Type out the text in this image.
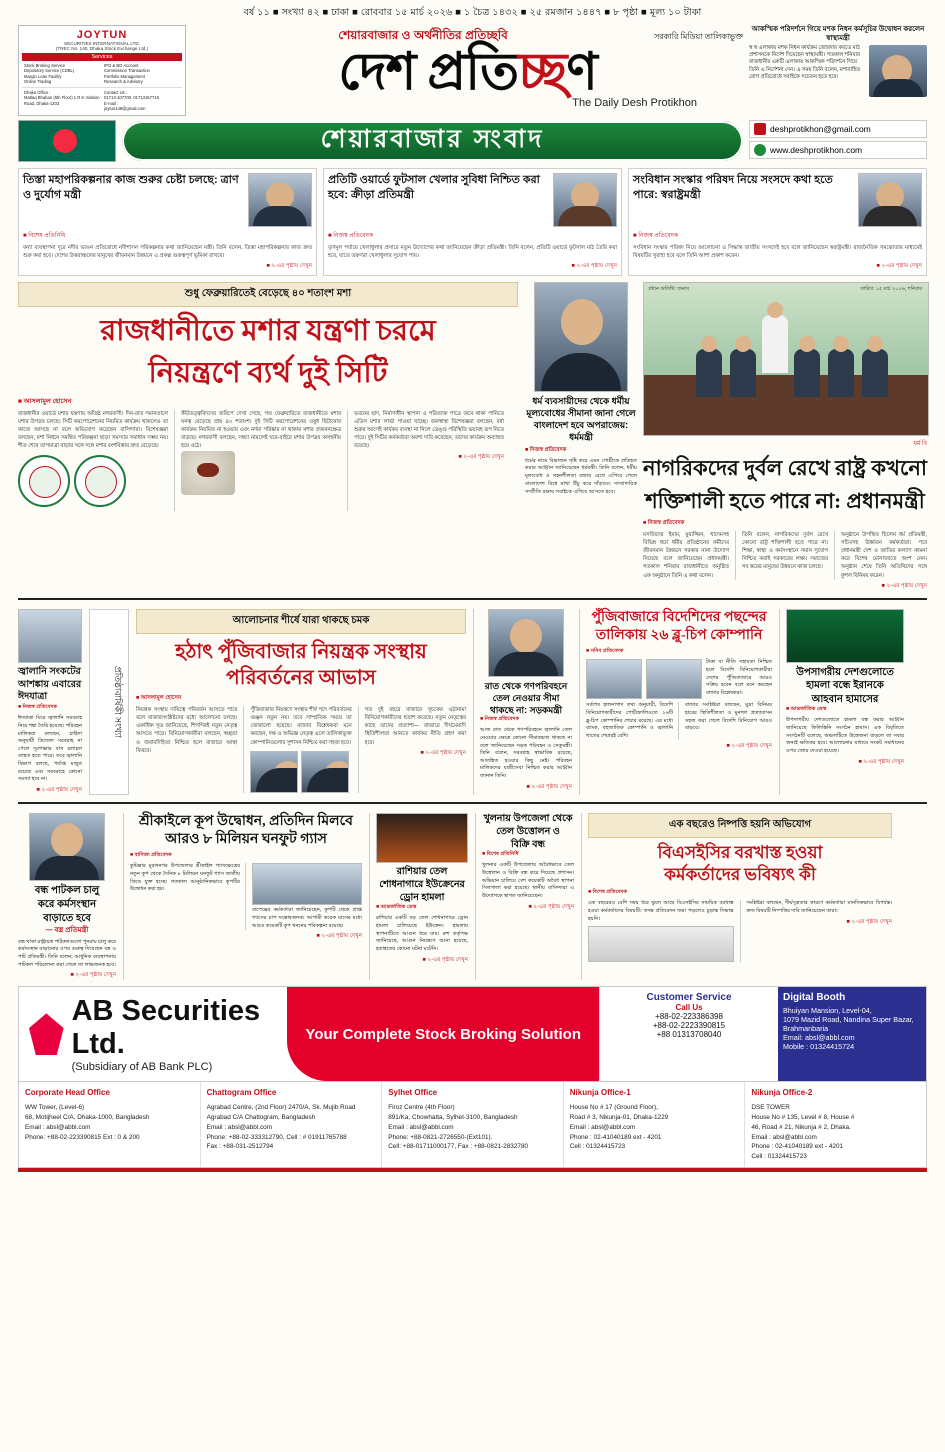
বর্ষ ১১ ■ সংখ্যা ৪২ ■ ঢাকা ■ রোববার ১৫ মার্চ ২০২৬ ■ ১ চৈত্র ১৪৩২ ■ ২৫ রমজান ১৪৪৭ ■ ৮ পৃষ্ঠা ■ মূল্য ১০ টাকা
JOYTUN
SECURITIES INTERNATIONAL LTD.
(TREC No. 140, Dhaka Stock Exchange Ltd.)
Services
Stock Broking Service
Depository Service (CDBL)
Margin Loan Facility
Online Trading
IPO & BO Account
Commission Transaction
Portfolio Management
Research & Advisory
Dhaka Office :
Matlaq Bhaban (5th Floor) 1 R.K mission Road, Dhaka-1203
Contact Us :
01713-107700, 01713157716
E-mail :
joytun148@gmail.com
সরকারি মিডিয়া তালিকাভুক্ত
শেয়ারবাজার ও অর্থনীতির প্রতিচ্ছবি
দেশ প্রতিচ্ছণ
The Daily Desh Protikhon
আকস্মিক পরিদর্শনে গিয়ে মশক নিধন কর্মসূচির উদ্বোধন করলেন স্বাস্থ্যমন্ত্রী
স্ব স্ব এলাকায় মশক নিধন কার্যক্রম জোরদার করতে মাঠ প্রশাসনকে নির্দেশ দিয়েছেন স্বাস্থ্যমন্ত্রী। গতকাল শনিবার রাজধানীর একটি এলাকায় আকস্মিক পরিদর্শনে গিয়ে তিনি এ নির্দেশনা দেন। এ সময় তিনি বলেন, মশাবাহিত রোগ প্রতিরোধে সবাইকে সচেতন হতে হবে।
শেয়ারবাজার সংবাদ	deshprotikhon@gmail.com
www.deshprotikhon.com
তিস্তা মহাপরিকল্পনার কাজ শুরুর চেষ্টা চলছে: ত্রাণ ও দুর্যোগ মন্ত্রী
■ বিশেষ প্রতিনিধি

বন্যা ব্যবস্থাপনা দূরে নদীর ভাঙন প্রতিরোধে নদীশাসন পরিকল্পনার কথা জানিয়েছেন মন্ত্রী। তিনি বলেন, তিস্তা মহাপরিকল্পনার কাজ দ্রুত শুরু করা হবে। দেশের উত্তরাঞ্চলের মানুষের জীবনমান উন্নয়নে এ প্রকল্প গুরুত্বপূর্ণ ভূমিকা রাখবে।

■ ২-এর পৃষ্ঠায় দেখুন
প্রতিটি ওয়ার্ডে ফুটসাল খেলার সুবিধা নিশ্চিত করা হবে: ক্রীড়া প্রতিমন্ত্রী
■ নিজস্ব প্রতিবেদক

তৃণমূল পর্যায়ে খেলাধুলার প্রসারে নতুন উদ্যোগের কথা জানিয়েছেন ক্রীড়া প্রতিমন্ত্রী। তিনি বলেন, প্রতিটি ওয়ার্ডে ফুটসাল মাঠ তৈরি করা হবে, যাতে তরুণরা খেলাধুলার সুযোগ পায়।

■ ২-এর পৃষ্ঠায় দেখুন
সংবিধান সংস্কার পরিষদ নিয়ে সংসদে কথা হতে পারে: স্বরাষ্ট্রমন্ত্রী
■ নিজস্ব প্রতিবেদক

সংবিধান সংস্কার পরিষদ নিয়ে আলোচনা ও সিদ্ধান্ত জাতীয় সংসদেই হবে বলে জানিয়েছেন স্বরাষ্ট্রমন্ত্রী। রাজনৈতিক সমঝোতার মাধ্যমেই বিষয়টির সুরাহা হবে বলে তিনি আশা প্রকাশ করেন।

■ ২-এর পৃষ্ঠায় দেখুন
শুধু ফেব্রুয়ারিতেই বেড়েছে ৪০ শতাংশ মশা
রাজধানীতে মশার যন্ত্রণা চরমে
নিয়ন্ত্রণে ব্যর্থ দুই সিটি
■ আসলামুল হোসেন
রাজধানীর ওয়ার্ডে মশার যন্ত্রণায় অতিষ্ঠ নগরবাসী। দিন-রাত সমানতালে মশার উপদ্রব চলছে। সিটি করপোরেশনের নিয়মিত কার্যক্রম থাকলেও তা কাজে আসছে না বলে অভিযোগ করেছেন বাসিন্দারা। বিশেষজ্ঞরা বলছেন, মশা নিধনে সমন্বিত পরিকল্পনা ছাড়া সমস্যার সমাধান সম্ভব নয়। শীত শেষে তাপমাত্রা বাড়ার সঙ্গে সঙ্গে মশার বংশবিস্তার দ্রুত বেড়েছে।
কীটতত্ত্ববিদদের জরিপে দেখা গেছে, গত ফেব্রুয়ারিতে রাজধানীতে মশার ঘনত্ব বেড়েছে প্রায় ৪০ শতাংশ। দুই সিটি করপোরেশনের ওষুধ ছিটানোর কার্যক্রম নিয়মিত না হওয়ায় এবং নর্দমা পরিষ্কার না থাকায় মশার প্রজননক্ষেত্র বাড়ছে। নগরবাসী বলছেন, সন্ধ্যা নামলেই ঘরে-বাইরে মশার উপদ্রব অসহনীয় হয়ে ওঠে।
ভবনের ছাদ, নির্মাণাধীন স্থাপনা ও পরিত্যক্ত পাত্রে জমে থাকা পানিতে এডিস মশার লার্ভা পাওয়া যাচ্ছে। জনস্বাস্থ্য বিশেষজ্ঞরা বলছেন, বর্ষা শুরুর আগেই কার্যকর ব্যবস্থা না নিলে ডেঙ্গু পরিস্থিতি ভয়াবহ রূপ নিতে পারে। দুই সিটির কর্মকর্তারা অবশ্য দাবি করেছেন, তাদের কার্যক্রম অব্যাহত রয়েছে।
■ ২-এর পৃষ্ঠায় দেখুন
ধর্ম ব্যবসায়ীদের থেকে ধর্মীয় মূল্যবোধের সীমানা জানা গেলে বাংলাদেশ হবে অপরাজেয়: ধর্মমন্ত্রী
■ নিজস্ব প্রতিবেদক
ধর্মের নামে বিভাজন সৃষ্টি করে এমন গোষ্ঠীকে প্রতিহত করার আহ্বান জানিয়েছেন ধর্মমন্ত্রী। তিনি বলেন, ধর্মীয় মূল্যবোধ ও সহনশীলতা বজায় রেখে এগিয়ে গেলে বাংলাদেশ বিশ্বে মাথা উঁচু করে দাঁড়াবে। সাম্প্রদায়িক সম্প্রীতি রক্ষায় সবাইকে এগিয়ে আসতে হবে।
প্রধান অতিথি: জনাব	তারিখ: ১৫ মার্চ ২০২৬, শনিবার
ধর্ম বি
নাগরিকদের দুর্বল রেখে রাষ্ট্র কখনো
শক্তিশালী হতে পারে না: প্রধানমন্ত্রী
■ নিজস্ব প্রতিবেদক
মসজিদের ইমাম, মুয়াজ্জিন, খাদেমসহ বিভিন্ন ধর্মে ধর্মীয় প্রতিষ্ঠানের কর্মীদের জীবনমান উন্নয়নে সরকার নানা উদ্যোগ নিয়েছে বলে জানিয়েছেন প্রধানমন্ত্রী। গতকাল শনিবার রাজধানীতে অনুষ্ঠিত এক অনুষ্ঠানে তিনি এ কথা বলেন।
তিনি বলেন, নাগরিকদের দুর্বল রেখে কোনো রাষ্ট্র শক্তিশালী হতে পারে না। শিক্ষা, স্বাস্থ্য ও কর্মসংস্থানে সমান সুযোগ নিশ্চিত করাই সরকারের লক্ষ্য। সমাজের সব স্তরের মানুষের উন্নয়নে কাজ চলছে।
অনুষ্ঠানে উপস্থিত ছিলেন ধর্ম প্রতিমন্ত্রী, সচিবসহ ঊর্ধ্বতন কর্মকর্তারা। পরে প্রধানমন্ত্রী দেশ ও জাতির কল্যাণ কামনা করে বিশেষ মোনাজাতে অংশ নেন। অনুষ্ঠান শেষে তিনি অতিথিদের সঙ্গে কুশল বিনিময় করেন।
■ ২-এর পৃষ্ঠায় দেখুন
জ্বালানি সংকটের
আশঙ্কায় এবারের
ঈদযাত্রা
■ নিজস্ব প্রতিবেদক
ঈদযাত্রা ঘিরে জ্বালানি সরবরাহ নিয়ে শঙ্কা তৈরি হয়েছে। পরিবহন মালিকরা বলছেন, চাহিদা অনুযায়ী ডিজেল সরবরাহ না পেলে দূরপাল্লার বাস চলাচল ব্যাহত হতে পারে। তবে জ্বালানি বিভাগ বলছে, পর্যাপ্ত মজুত রয়েছে এবং সরবরাহে কোনো সমস্যা হবে না।
■ ২-এর পৃষ্ঠায় দেখুন
প্রতিষ্ঠাবার্ষিকী সংখ্যা
আলোচনার শীর্ষে যারা থাকছে চমক
হঠাৎ পুঁজিবাজার নিয়ন্ত্রক সংস্থায়
পরিবর্তনের আভাস
■ আসলামুল হোসেন
নিয়ন্ত্রক সংস্থায় দায়িত্বে পরিবর্তন আসতে পারে বলে বাজারসংশ্লিষ্টদের মধ্যে আলোচনা চলছে। একাধিক সূত্র জানিয়েছে, শিগগিরই নতুন নেতৃত্ব আসতে পারে। বিনিয়োগকারীরা বলছেন, স্বচ্ছতা ও জবাবদিহিতা নিশ্চিত হলে বাজারে আস্থা ফিরবে।
পুঁজিবাজার নিয়ন্ত্রণে সংস্থার শীর্ষ পদে পরিবর্তনের গুঞ্জন নতুন নয়। তবে সাম্প্রতিক সময়ে তা জোরালো হয়েছে। বাজার বিশ্লেষকরা মনে করছেন, দক্ষ ও অভিজ্ঞ নেতৃত্ব এলে তালিকাভুক্ত কোম্পানিগুলোর সুশাসন নিশ্চিত করা সহজ হবে।
গত দুই বছরে বাজারে সূচকের ওঠানামা বিনিয়োগকারীদের হতাশ করেছে। নতুন নেতৃত্বের কাছে তাদের প্রত্যাশা— বাজারে দীর্ঘমেয়াদি স্থিতিশীলতা আনতে কার্যকর নীতি গ্রহণ করা হবে।
■ ২-এর পৃষ্ঠায় দেখুন
রাত থেকে গণপরিবহনে তেল নেওয়ার সীমা থাকছে না: সড়কমন্ত্রী
■ নিজস্ব প্রতিবেদক
আজ রাত থেকে গণপরিবহনে জ্বালানি তেল নেওয়ার ক্ষেত্রে কোনো সীমাবদ্ধতা থাকছে না বলে জানিয়েছেন সড়ক পরিবহন ও সেতুমন্ত্রী। তিনি বলেন, সরবরাহ স্বাভাবিক রয়েছে, আতঙ্কিত হওয়ার কিছু নেই। পরিবহন মালিকদের যাত্রীসেবা নিশ্চিত করার আহ্বান জানান তিনি।
■ ২-এর পৃষ্ঠায় দেখুন
পুঁজিবাজারে বিদেশিদের পছন্দের
তালিকায় ২৬ ব্লু-চিপ কোম্পানি
■ সনিব প্রতিবেদক
টাকা বা নীতি সহায়তা নিশ্চিত হলে বিদেশি বিনিয়োগকারীরা দেশের পুঁজিবাজারে আরও সক্রিয় হবেন বলে মনে করছেন বাজার বিশ্লেষকরা।
সর্বশেষ হালনাগাদ তথ্য অনুযায়ী, বিদেশি বিনিয়োগকারীদের পোর্টফোলিওতে ২৬টি ব্লু-চিপ কোম্পানির শেয়ার রয়েছে। এর মধ্যে ব্যাংক, বহুজাতিক কোম্পানি ও জ্বালানি খাতের শেয়ারই বেশি।
বাজার সংশ্লিষ্টরা বলছেন, মুদ্রা বিনিময় হারের স্থিতিশীলতা ও মুনাফা প্রত্যাবাসন সহজ করা গেলে বিদেশি বিনিয়োগ আরও বাড়বে।
■ ২-এর পৃষ্ঠায় দেখুন
উপসাগরীয় দেশগুলোতে
হামলা বন্ধে ইরানকে
আহবান হামাসের
■ আন্তর্জাতিক ডেস্ক
উপসাগরীয় দেশগুলোতে হামলা বন্ধ করার আহ্বান জানিয়েছে ফিলিস্তিনি সংগঠন হামাস। এক বিবৃতিতে সংগঠনটি বলেছে, অঞ্চলটিতে উত্তেজনা বাড়লে তা সবার জন্যই ক্ষতিকর হবে। আলোচনার মাধ্যমে সংকট সমাধানের ওপর জোর দেওয়া হয়েছে।
■ ২-এর পৃষ্ঠায় দেখুন
বন্ধ পাটকল চালু
করে কর্মসংস্থান
বাড়াতে হবে
— বস্ত্র প্রতিমন্ত্রী
বন্ধ থাকা রাষ্ট্রায়ত্ত পাটকলগুলো পুনরায় চালু করে কর্মসংস্থান বাড়ানোর ওপর গুরুত্ব দিয়েছেন বস্ত্র ও পাট প্রতিমন্ত্রী। তিনি বলেন, আধুনিক ব্যবস্থাপনায় পাটকল পরিচালনা করা গেলে তা লাভজনক হবে।
■ ২-এর পৃষ্ঠায় দেখুন
শ্রীকাইলে কূপ উদ্বোধন, প্রতিদিন মিলবে
আরও ৮ মিলিয়ন ঘনফুট গ্যাস
■ বাণিজ্য প্রতিবেদক
কুমিল্লার মুরাদনগর উপজেলার শ্রীকাইল গ্যাসক্ষেত্রের নতুন কূপ থেকে দৈনিক ৮ মিলিয়ন ঘনফুট গ্যাস জাতীয় গ্রিডে যুক্ত হচ্ছে। গতকাল আনুষ্ঠানিকভাবে কূপটির উদ্বোধন করা হয়।
বাপেক্সের কর্মকর্তারা জানিয়েছেন, কূপটি থেকে প্রাপ্ত গ্যাসের চাপ সন্তোষজনক। আগামী কয়েক মাসের মধ্যে আরও কয়েকটি কূপ খননের পরিকল্পনা রয়েছে।
■ ২-এর পৃষ্ঠায় দেখুন
রাশিয়ার তেল
শোধনাগারে ইউক্রেনের
ড্রোন হামলা
■ আন্তর্জাতিক ডেস্ক
রাশিয়ার একটি বড় তেল শোধনাগারে ড্রোন হামলা চালিয়েছে ইউক্রেন। হামলায় স্থাপনাটিতে আগুন ধরে যায়। রুশ কর্তৃপক্ষ জানিয়েছে, আগুন নিয়ন্ত্রণে আনা হয়েছে, হতাহতের কোনো ঘটনা ঘটেনি।
■ ২-এর পৃষ্ঠায় দেখুন
খুলনায় উপজেলা থেকে
তেল উত্তোলন ও
বিক্রি বন্ধ
■ বিশেষ প্রতিনিধি
খুলনার একটি উপজেলায় অবৈধভাবে তেল উত্তোলন ও বিক্রি বন্ধ করে দিয়েছে প্রশাসন। অভিযান চালিয়ে বেশ কয়েকটি অবৈধ স্থাপনা সিলগালা করা হয়েছে। স্থানীয় বাসিন্দারা এ উদ্যোগকে স্বাগত জানিয়েছেন।
■ ২-এর পৃষ্ঠায় দেখুন
এক বছরেও নিষ্পত্তি হয়নি অভিযোগ
বিএসইসির বরখাস্ত হওয়া
কর্মকর্তাদের ভবিষ্যৎ কী
■ বিশেষ প্রতিবেদক
এক বছরেরও বেশি সময় ধরে ঝুলে আছে বিএসইসির সাময়িক বরখাস্ত হওয়া কর্মকর্তাদের বিষয়টি। তদন্ত প্রতিবেদন জমা পড়লেও চূড়ান্ত সিদ্ধান্ত হয়নি।
সংশ্লিষ্টরা বলছেন, দীর্ঘসূত্রতার কারণে কর্মকর্তারা মানসিকভাবে বিপর্যস্ত। দ্রুত বিষয়টি নিষ্পত্তির দাবি জানিয়েছেন তারা।
■ ২-এর পৃষ্ঠায় দেখুন
AB Securities Ltd.
(Subsidiary of AB Bank PLC)
Your Complete Stock Broking Solution
Customer Service
Call Us
+88-02-223386398
+88-02-2223390815
+88 01313708040
Digital Booth
Bhuiyan Mansion, Level-04,
1079 Mazid Road, Nandina Super Bazar,
Brahmanbaria
Email: absl@abbl.com
Mobile : 01324415724
Corporate Head Office
WW Tower, (Level-6)
68, Motijheel C/A, Dhaka-1000, Bangladesh
Email : absl@abbl.com
Phone: +88-02-223390815 Ext : 0 & 200
Chattogram Office
Agrabad Centre, (2nd Floor) 2470/A, Sk. Mujib Road
Agrabad C/A Chattogram, Bangladesh
Email : absl@abbl.com
Phone: +88-02-333312790, Cell : # 01911765788
Fax : +88-031-2512794
Sylhet Office
Firoz Centre (4th Floor)
891/Ka, Chowhatta, Sylhet-3100, Bangladesh
Email : absl@abbl.com
Phone: +88-0821-2726550-(Ext101).
Cell: +88-01711000177, Fax : +88-0821-2832780
Nikunja Office-1
House No # 17 (Ground Floor),
Road # 3, Nikunja-01, Dhaka-1229
Email : absl@abbl.com
Phone : 02-41040189 ext - 4201
Cell : 01324415723
Nikunja Office-2
DSE TOWER
House No # 135, Level # 8, House #
46, Road # 21, Nikunja # 2, Dhaka.
Email : absl@abbl.com
Phone : 02-41040189 ext - 4201
Cell : 01324415723
